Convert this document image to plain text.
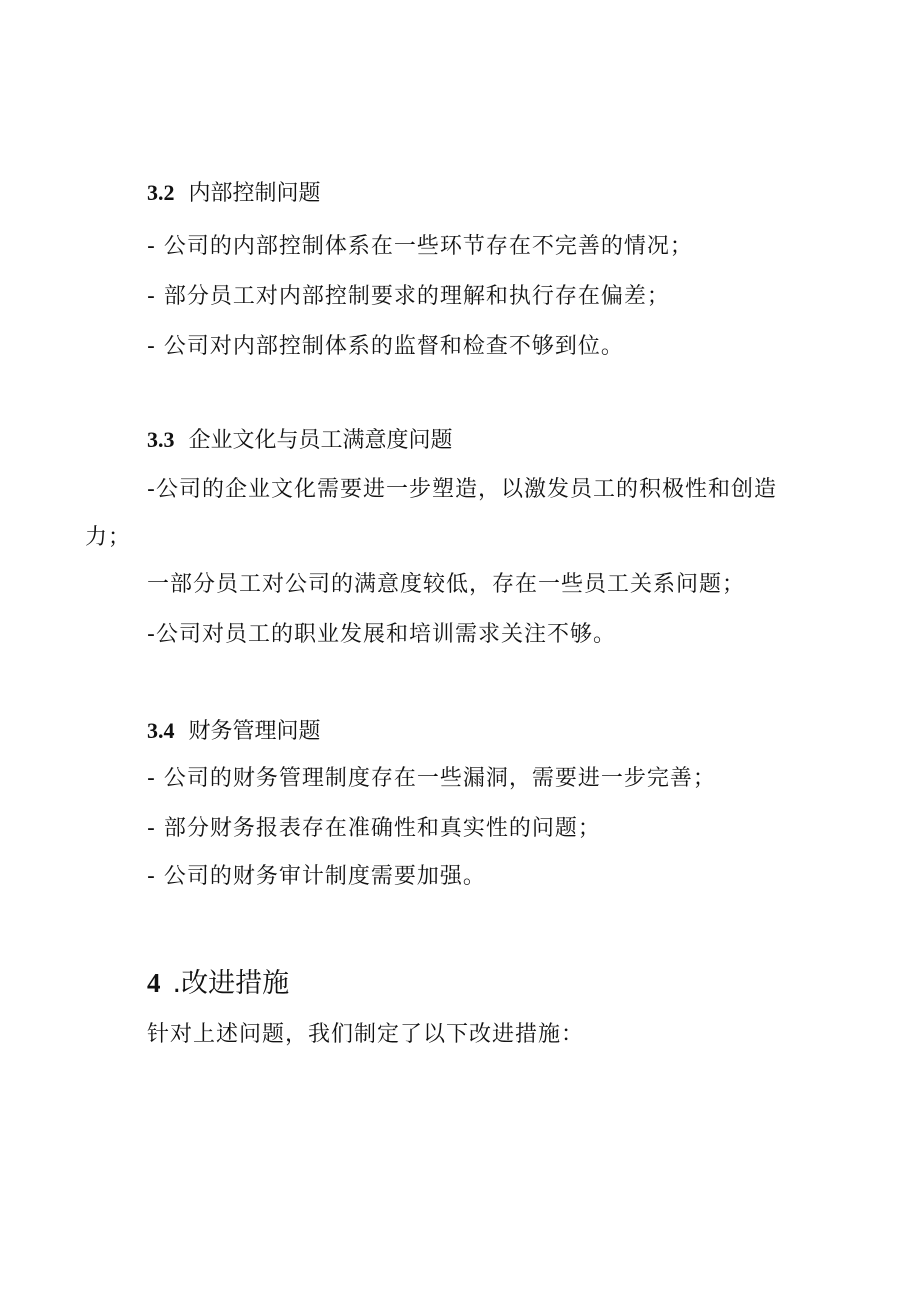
3.2 内部控制问题
- 公司的内部控制体系在一些环节存在不完善的情况；
- 部分员工对内部控制要求的理解和执行存在偏差；
- 公司对内部控制体系的监督和检查不够到位。
3.3 企业文化与员工满意度问题
-公司的企业文化需要进一步塑造，以激发员工的积极性和创造力；
一部分员工对公司的满意度较低，存在一些员工关系问题；
-公司对员工的职业发展和培训需求关注不够。
3.4 财务管理问题
- 公司的财务管理制度存在一些漏洞，需要进一步完善；
- 部分财务报表存在准确性和真实性的问题；
- 公司的财务审计制度需要加强。
4 .改进措施
针对上述问题，我们制定了以下改进措施：
